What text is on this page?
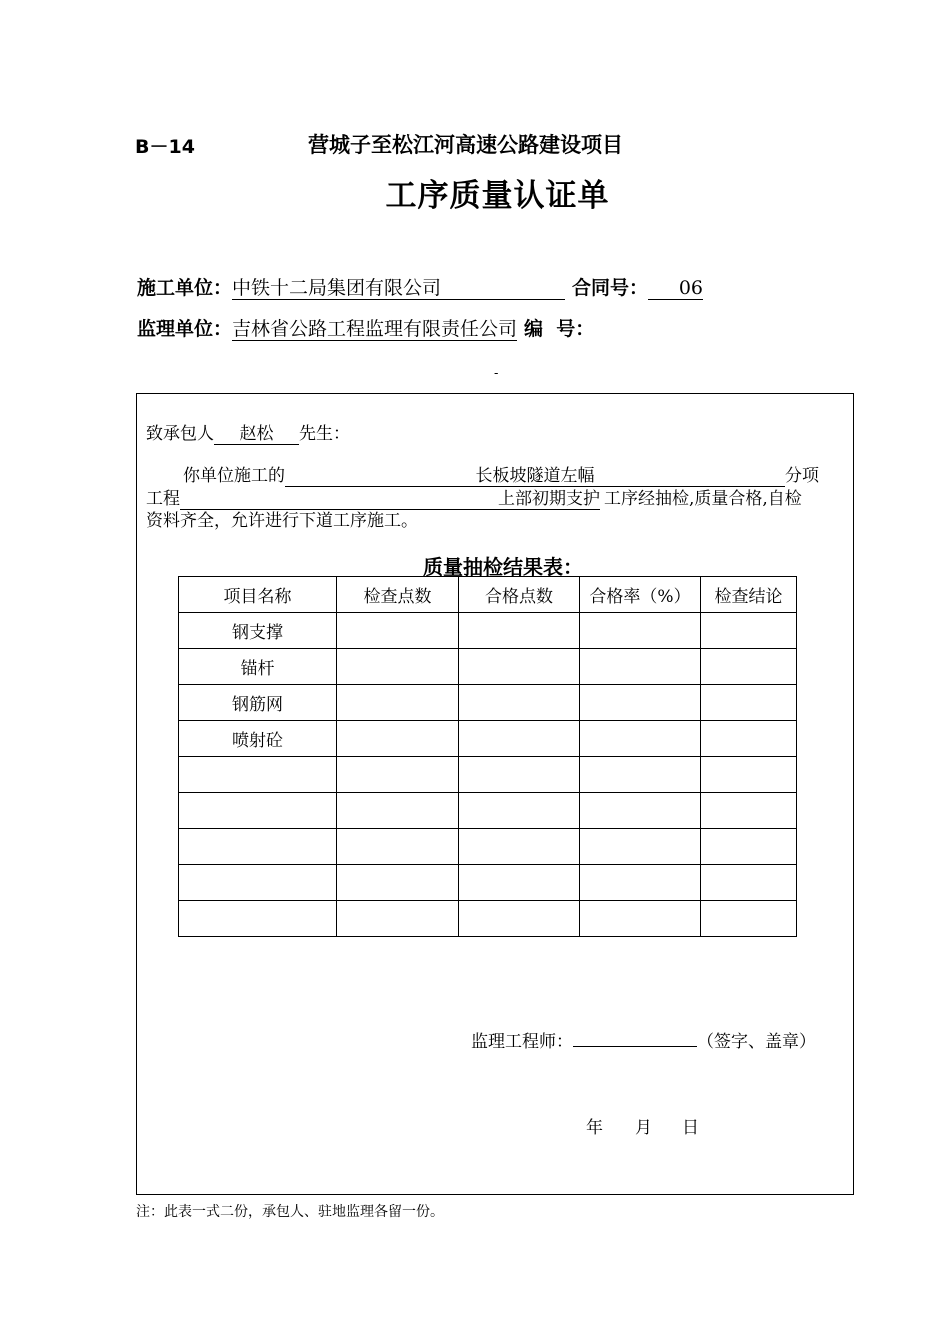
B－14	营城子至松江河高速公路建设项目
工序质量认证单
施工单位：中铁十二局集团有限公司	合同号： 06
监理单位：吉林省公路工程监理有限责任公司 编  号：
-
致承包人 赵松 先生：
你单位施工的	长板坡隧道左幅	分项
工程	上部初期支护 工序经抽检,质量合格,自检
资料齐全，允许进行下道工序施工。
质量抽检结果表：
项目名称	检查点数	合格点数	合格率（%）	检查结论
钢支撑				
锚杆				
钢筋网				
喷射砼				

监理工程师：	（签字、盖章）
年 月 日
注：此表一式二份，承包人、驻地监理各留一份。
